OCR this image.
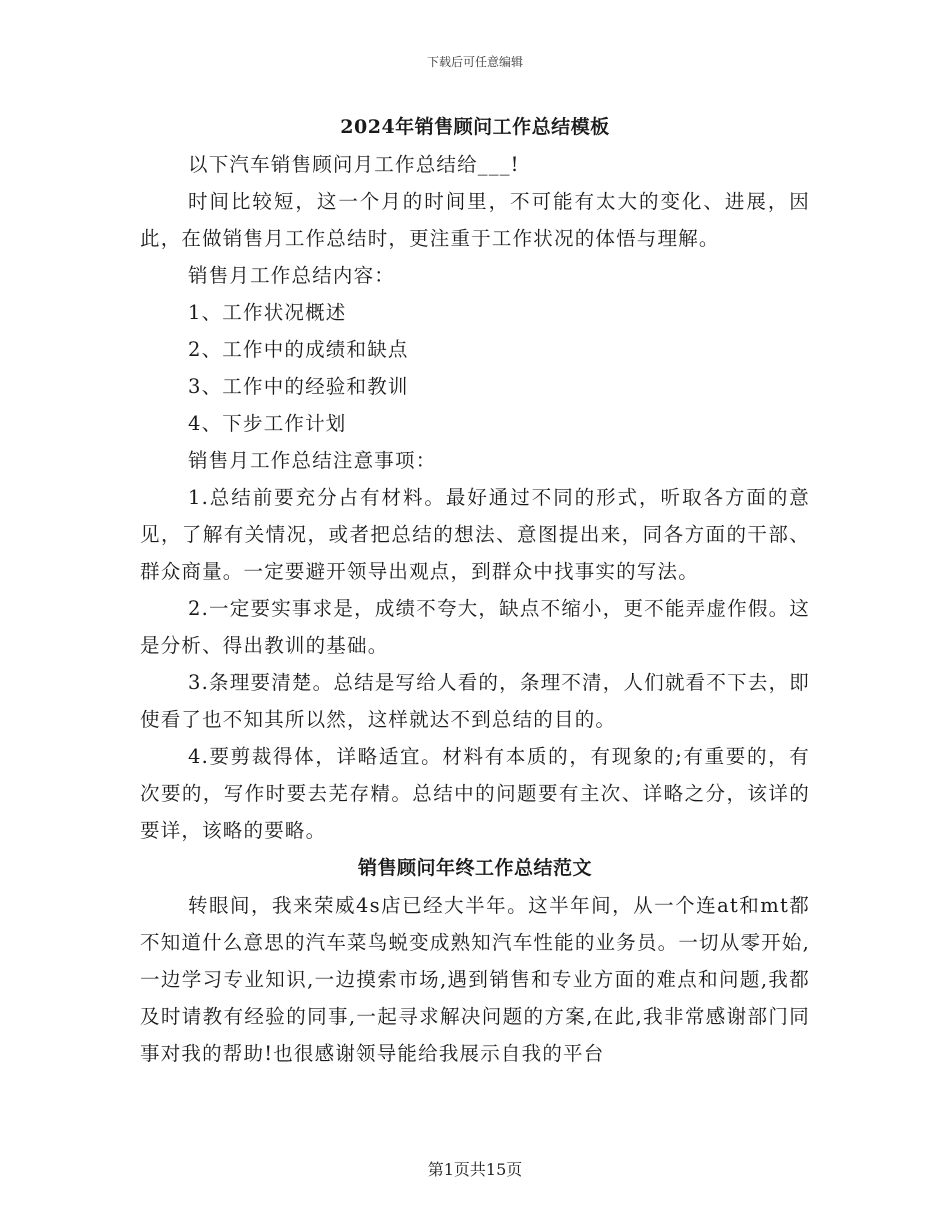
下载后可任意编辑

2024年销售顾问工作总结模板

以下汽车销售顾问月工作总结给___!

时间比较短，这一个月的时间里，不可能有太大的变化、进展，因此，在做销售月工作总结时，更注重于工作状况的体悟与理解。

销售月工作总结内容：

1、工作状况概述

2、工作中的成绩和缺点

3、工作中的经验和教训

4、下步工作计划

销售月工作总结注意事项：

1.总结前要充分占有材料。最好通过不同的形式，听取各方面的意见，了解有关情况，或者把总结的想法、意图提出来，同各方面的干部、群众商量。一定要避开领导出观点，到群众中找事实的写法。

2.一定要实事求是，成绩不夸大，缺点不缩小，更不能弄虚作假。这是分析、得出教训的基础。

3.条理要清楚。总结是写给人看的，条理不清，人们就看不下去，即使看了也不知其所以然，这样就达不到总结的目的。

4.要剪裁得体，详略适宜。材料有本质的，有现象的;有重要的，有次要的，写作时要去芜存精。总结中的问题要有主次、详略之分，该详的要详，该略的要略。

销售顾问年终工作总结范文

转眼间，我来荣威4s店已经大半年。这半年间，从一个连at和mt都不知道什么意思的汽车菜鸟蜕变成熟知汽车性能的业务员。一切从零开始,一边学习专业知识,一边摸索市场,遇到销售和专业方面的难点和问题,我都及时请教有经验的同事,一起寻求解决问题的方案,在此,我非常感谢部门同事对我的帮助!也很感谢领导能给我展示自我的平台

第1页共15页
